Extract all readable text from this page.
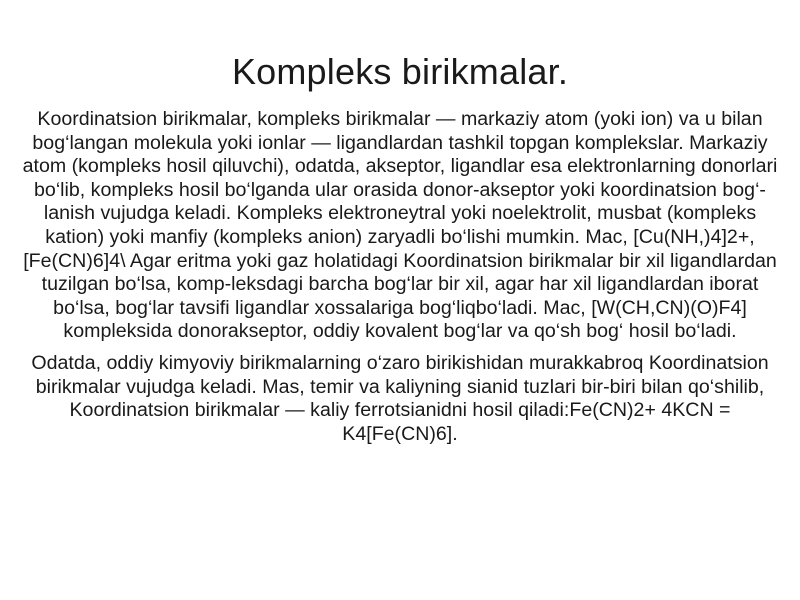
Kompleks birikmalar.

Koordinatsion birikmalar, kompleks birikmalar — markaziy atom (yoki ion) va u bilan bog‘langan molekula yoki ionlar — ligandlardan tashkil topgan komplekslar. Markaziy atom (kompleks hosil qiluvchi), odatda, akseptor, ligandlar esa elektronlarning donorlari bo‘lib, kompleks hosil bo‘lganda ular orasida donor-akseptor yoki koordinatsion bog‘-lanish vujudga keladi. Kompleks elektroneytral yoki noelektrolit, musbat (kompleks kation) yoki manfiy (kompleks anion) zaryadli bo‘lishi mumkin. Mac, [Cu(NH,)4]2+, [Fe(CN)6]4\ Agar eritma yoki gaz holatidagi Koordinatsion birikmalar bir xil ligandlardan tuzilgan bo‘lsa, komp-leksdagi barcha bog‘lar bir xil, agar har xil ligandlardan iborat bo‘lsa, bog‘lar tavsifi ligandlar xossalariga bog‘liqbo‘ladi. Mac, [W(CH,CN)(O)F4] kompleksida donorakseptor, oddiy kovalent bog‘lar va qo‘sh bog‘ hosil bo‘ladi.

Odatda, oddiy kimyoviy birikmalarning o‘zaro birikishidan murakkabroq Koordinatsion birikmalar vujudga keladi. Mas, temir va kaliyning sianid tuzlari bir-biri bilan qo‘shilib, Koordinatsion birikmalar — kaliy ferrotsianidni hosil qiladi:Fe(CN)2+ 4KCN = K4[Fe(CN)6].
